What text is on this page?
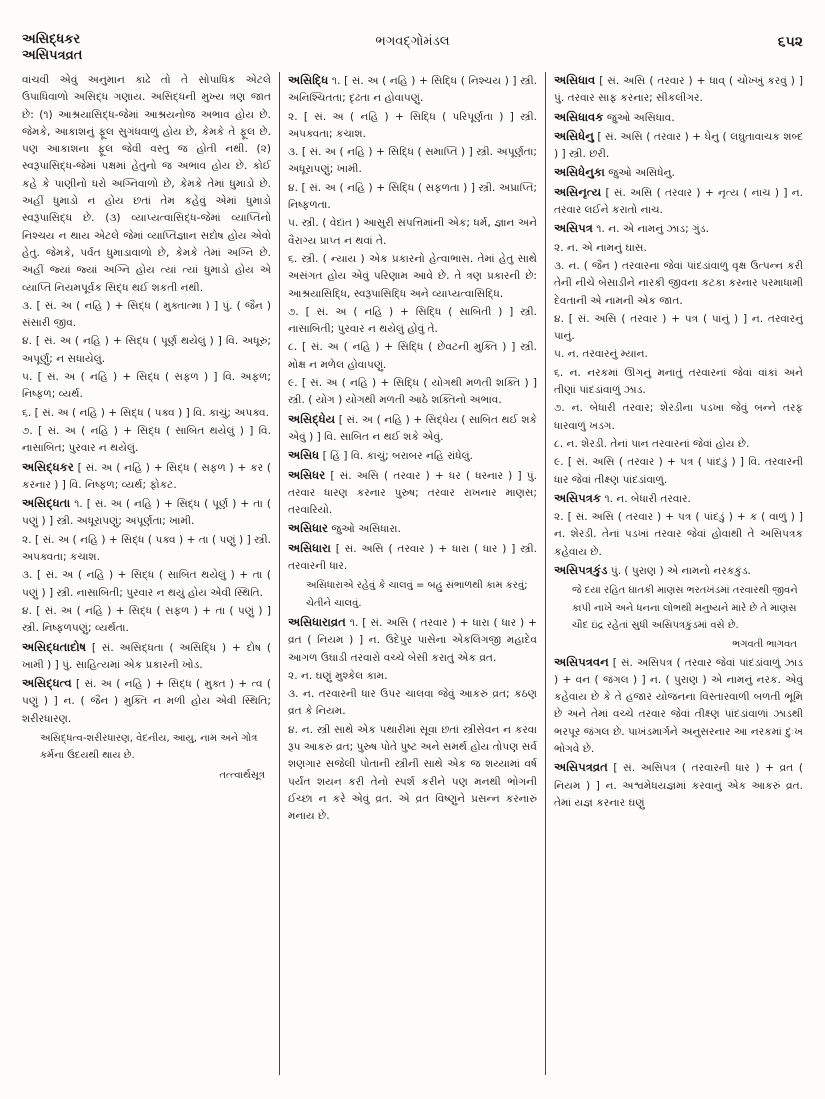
અસિદ્ધકર
અસિપત્રવ્રત
ભગવદ્ગોમંડલ	૬૫૨
વાંચવી એવું અનુમાન કાઢે તો તે સોપાધિક એટલે ઉપાધિવાળો અસિદ્ધ ગણાય. અસિદ્ધની મુખ્ય ત્રણ જાત છે: (૧) આશ્રયાસિદ્ધ-જેમાં આશ્રયનોજ અભાવ હોય છે. જેમકે, આકાશનું ફૂલ સુગંધવાળું હોય છે, કેમકે તે ફૂલ છે. પણ આકાશના ફૂલ જેવી વસ્તુ જ હોતી નથી. (૨) સ્વરૂપાસિદ્ધ-જેમાં પક્ષમાં હેતુનો જ અભાવ હોય છે. કોઈ કહે કે પાણીનો ધરો અગ્નિવાળો છે, કેમકે તેમાં ધુમાડો છે. અહીં ધુમાડો ન હોય છતાં તેમ કહેવું એમાં ધુમાડો સ્વરૂપાસિદ્ધ છે. (૩) વ્યાપ્યત્વાસિદ્ધ-જેમાં વ્યાપ્તિનો નિશ્ચય ન થાય એટલે જેમાં વ્યાપ્તિજ્ઞાન સદોષ હોય એવો હેતુ. જેમકે, પર્વત ધુમાડાવાળો છે, કેમકે તેમાં અગ્નિ છે. અહીં જ્યાં જ્યાં અગ્નિ હોય ત્યાં ત્યાં ધુમાડો હોય એ વ્યાપ્તિ નિયમપૂર્વક સિદ્ધ થઈ શકતી નથી.
૩. [ સં. અ ( નહિ ) + સિદ્ધ ( મુક્તાત્મા ) ] પું. ( જૈન ) સંસારી જીવ.
૪. [ સં. અ ( નહિ ) + સિદ્ધ ( પૂર્ણ થયેલું ) ] વિ. અધૂરું; અપૂર્ણું; ન સધાયેલું.
૫. [ સં. અ ( નહિ ) + સિદ્ધ ( સફળ ) ] વિ. અફળ; નિષ્ફળ; વ્યર્થ.
૬. [ સં. અ ( નહિ ) + સિદ્ધ ( પક્વ ) ] વિ. કાચું; અપક્વ.
૭. [ સં. અ ( નહિ ) + સિદ્ધ ( સાબિત થયેલું ) ] વિ. નાસાબિત; પુરવાર ન થયેલું.
અસિદ્ધકર [ સં. અ ( નહિ ) + સિદ્ધ ( સફળ ) + કર ( કરનાર ) ] વિ. નિષ્ફળ; વ્યર્થ; ફોકટ.
અસિદ્ધતા ૧. [ સં. અ ( નહિ ) + સિદ્ધ ( પૂર્ણ ) + તા ( પણું ) ] સ્ત્રી. અધૂરાપણું; અપૂર્ણતા; ખામી.
૨. [ સં. અ ( નહિ ) + સિદ્ધ ( પક્વ ) + તા ( પણું ) ] સ્ત્રી. અપક્વતા; કચાશ.
૩. [ સં. અ ( નહિ ) + સિદ્ધ ( સાબિત થયેલું ) + તા ( પણું ) ] સ્ત્રી. નાસાબિતી; પુરવાર ન થયું હોય એવી સ્થિતિ.
૪. [ સં. અ ( નહિ ) + સિદ્ધ ( સફળ ) + તા ( પણું ) ] સ્ત્રી. નિષ્ફળપણું; વ્યર્થતા.
અસિદ્ધતાદોષ [ સં. અસિદ્ધતા ( અસિદ્ધિ ) + દોષ ( ખામી ) ] પું. સાહિત્યમાં એક પ્રકારની ખોડ.
અસિદ્ધત્વ [ સં. અ ( નહિ ) + સિદ્ધ ( મુક્ત ) + ત્વ ( પણું ) ] ન. ( જૈન ) મુક્તિ ન મળી હોય એવી સ્થિતિ; શરીરધારણ.
અસિદ્ધત્વ-શરીરધારણ, વેદનીય, આયુ, નામ અને ગોત્ર કર્મના ઉદયથી થાય છે.
તત્ત્વાર્થસૂત્ર
અસિદ્ધિ ૧. [ સં. અ ( નહિ ) + સિદ્ધિ ( નિશ્ચય ) ] સ્ત્રી. અનિશ્ચિતતા; દૃઢતા ન હોવાપણું.
૨. [ સં. અ ( નહિ ) + સિદ્ધિ ( પરિપૂર્ણતા ) ] સ્ત્રી. અપક્વતા; કચાશ.
૩. [ સં. અ ( નહિ ) + સિદ્ધિ ( સમાપ્તિ ) ] સ્ત્રી. અપૂર્ણતા; અધૂરાપણું; ખામી.
૪. [ સં. અ ( નહિ ) + સિદ્ધિ ( સફળતા ) ] સ્ત્રી. અપ્રાપ્તિ; નિષ્ફળતા.
૫. સ્ત્રી. ( વેદાંત ) આસુરી સંપત્તિમાંની એક; ધર્મ, જ્ઞાન અને વૈરાગ્ય પ્રાપ્ત ન થવાં તે.
૬. સ્ત્રી. ( ન્યાય ) એક પ્રકારનો હેત્વાભાસ. તેમાં હેતુ સાથે અસંગત હોય એવું પરિણામ આવે છે. તે ત્રણ પ્રકારની છે: આશ્રયાસિદ્ધિ, સ્વરૂપાસિદ્ધિ અને વ્યાપ્યત્વાસિદ્ધિ.
૭. [ સં. અ ( નહિ ) + સિદ્ધિ ( સાબિતી ) ] સ્ત્રી. નાસાબિતી; પુરવાર ન થયેલું હોવું તે.
૮. [ સં. અ ( નહિ ) + સિદ્ધિ ( છેવટની મુક્તિ ) ] સ્ત્રી. મોક્ષ ન મળેલ હોવાપણું.
૯. [ સં. અ ( નહિ ) + સિદ્ધિ ( યોગથી મળતી શક્તિ ) ] સ્ત્રી. ( યોગ ) યોગથી મળતી આઠે શક્તિનો અભાવ.
અસિદ્ધેય [ સં. અ ( નહિ ) + સિદ્ધેય ( સાબિત થઈ શકે એવું ) ] વિ. સાબિત ન થઈ શકે એવું.
અસિધ [ હિં ] વિ. કાચું; બરાબર નહિ રાંધેલું.
અસિધર [ સં. અસિ ( તરવાર ) + ધર ( ધરનાર ) ] પું. તરવાર ધારણ કરનાર પુરુષ; તરવાર રાખનાર માણસ; તરવારિયો.
અસિધાર જુઓ અસિધારા.
અસિધારા [ સં. અસિ ( તરવાર ) + ધારા ( ધાર ) ] સ્ત્રી. તરવારની ધાર.
અસિધારાએ રહેવું કે ચાલવું = બહુ સંભાળથી કામ કરવું; ચેતીને ચાલવું.
અસિધારાવ્રત ૧. [ સં. અસિ ( તરવાર ) + ધારા ( ધાર ) + વ્રત ( નિયમ ) ] ન. ઉદેપુર પાસેના એકલિંગજી મહાદેવ આગળ ઉઘાડી તરવારો વચ્ચે બેસી કરાતું એક વ્રત.
૨. ન. ઘણું મુશ્કેલ કામ.
૩. ન. તરવારની ધાર ઉપર ચાલવા જેવું આકરું વ્રત; કઠણ વ્રત કે નિયમ.
૪. ન. સ્ત્રી સાથે એક પથારીમાં સૂવા છતાં સ્ત્રીસેવન ન કરવા રૂપ આકરું વ્રત; પુરુષ પોતે પુષ્ટ અને સમર્થ હોય તોપણ સર્વ શણગાર સજેલી પોતાની સ્ત્રીની સાથે એક જ શય્યામાં વર્ષ પર્યંત શયન કરી તેનો સ્પર્શ કરીને પણ મનથી ભોગની ઈચ્છા ન કરે એવું વ્રત. એ વ્રત વિષ્ણુને પ્રસન્ન કરનારું મનાય છે.
અસિધાવ [ સં. અસિ ( તરવાર ) + ધાવ્ ( ચોખ્ખું કરવું ) ] પું. તરવાર સાફ કરનાર; સીકલીગર.
અસિધાવક જુઓ અસિધાવ.
અસિધેનુ [ સં. અસિ ( તરવાર ) + ધેનુ ( લઘુતાવાચક શબ્દ ) ] સ્ત્રી. છરી.
અસિધેનુકા જુઓ અસિધેનુ.
અસિનૃત્ય [ સં. અસિ ( તરવાર ) + નૃત્ય ( નાચ ) ] ન. તરવાર લઈને કરાતો નાચ.
અસિપત્ર ૧. ન. એ નામનું ઝાડ; ગુંડ.
૨. ન. એ નામનું ઘાસ.
૩. ન. ( જૈન ) તરવારના જેવાં પાંદડાંવાળું વૃક્ષ ઉત્પન્ન કરી તેની નીચે બેસાડીને નારકી જીવના કટકા કરનાર પરમાધામી દેવતાની એ નામની એક જાત.
૪. [ સં. અસિ ( તરવાર ) + પત્ર ( પાનું ) ] ન. તરવારનું પાનું.
૫. ન. તરવારનું મ્યાન.
૬. ન. નરકમાં ઊગનું મનાતું તરવારનાં જેવાં વાંકાં અને તીણાં પાંદડાંવાળું ઝાડ.
૭. ન. બેધારી તરવાર; શેરડીના પડખા જેવું બન્ને તરફ ધારવાળું ખડગ.
૮. ન. શેરડી. તેનાં પાન તરવારનાં જેવાં હોય છે.
૯. [ સં. અસિ ( તરવાર ) + પત્ર ( પાંદડું ) ] વિ. તરવારની ધાર જેવાં તીક્ષ્ણ પાંદડાંવાળું.
અસિપત્રક ૧. ન. બેધારી તરવાર.
૨. [ સં. અસિ ( તરવાર ) + પત્ર ( પાંદડું ) + ક ( વાળું ) ] ન. શેરડી. તેનાં પડખાં તરવાર જેવાં હોવાથી તે અસિપત્રક કહેવાય છે.
અસિપત્રકુંડ પું. ( પુરાણ ) એ નામનો નરકકુંડ.
જે દયા રહિત ઘાતકી માણસ ભરતખંડમાં તરવારથી જીવને કાપી નાખે અને ધનના લોભથી મનુષ્યને મારે છે તે માણસ ચૌદ ઇંદ્ર રહેતાં સુધી અસિપત્રકુંડમાં વસે છે.
ભગવતી ભાગવત
અસિપત્રવન [ સં. અસિપત્ર ( તરવાર જેવાં પાંદડાંવાળું ઝાડ ) + વન ( જંગલ ) ] ન. ( પુરાણ ) એ નામનું નરક. એવું કહેવાય છે કે તે હજાર યોજનના વિસ્તારવાળી બળતી ભૂમિ છે અને તેમાં વચ્ચે તરવાર જેવાં તીક્ષ્ણ પાંદડાંવાળાં ઝાડથી ભરપૂર જંગલ છે. પાખંડમાર્ગને અનુસરનાર આ નરકમાં દુઃખ ભોગવે છે.
અસિપત્રવ્રત [ સં. અસિપત્ર ( તરવારની ધાર ) + વ્રત ( નિયમ ) ] ન. અશ્વમેધયજ્ઞમાં કરવાનું એક આકરું વ્રત. તેમાં યજ્ઞ કરનાર ઘણું
